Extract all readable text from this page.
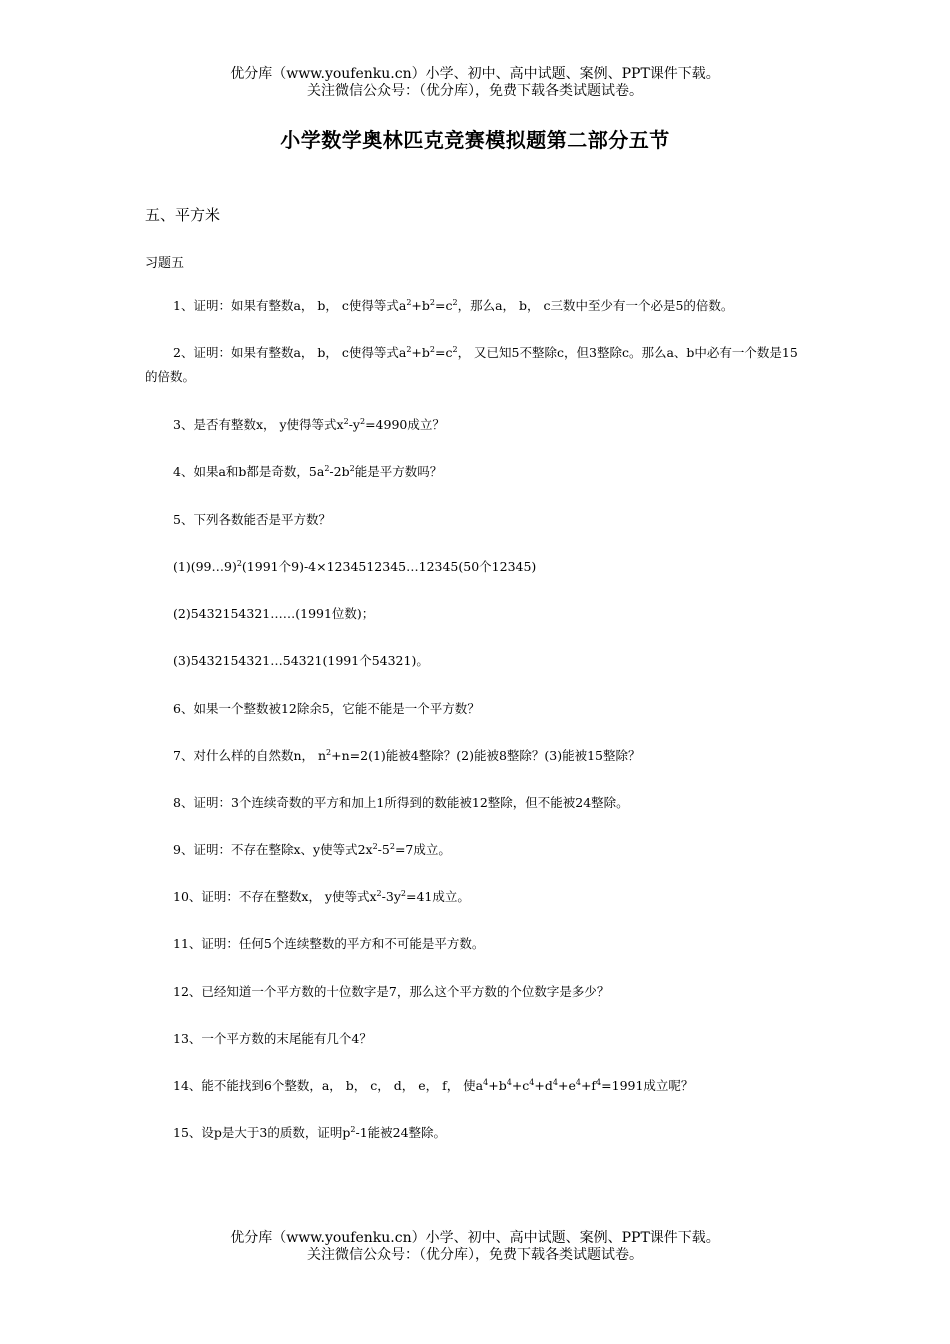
优分库（www.youfenku.cn）小学、初中、高中试题、案例、PPT课件下载。
关注微信公众号：（优分库），免费下载各类试题试卷。
小学数学奥林匹克竞赛模拟题第二部分五节
五、平方米
习题五
1、证明：如果有整数a， b， c使得等式$a^2+b^2=c^2$，那么a， b， c三数中至少有一个必是5的倍数。
2、证明：如果有整数a， b， c使得等式$a^2+b^2=c^2$， 又已知5不整除c，但3整除c。那么a、b中必有一个数是15的倍数。
3、是否有整数x， y使得等式$x^2-y^2=4990$成立？
4、如果a和b都是奇数，$5a^2-2b^2$能是平方数吗？
5、下列各数能否是平方数？
(1)(99…9)$^2$(1991个9)-4×1234512345…12345(50个12345)
(2)5432154321……(1991位数)；
(3)5432154321…54321(1991个54321)。
6、如果一个整数被12除余5，它能不能是一个平方数？
7、对什么样的自然数n， $n^2+n=2(1)$能被4整除？(2)能被8整除？(3)能被15整除？
8、证明：3个连续奇数的平方和加上1所得到的数能被12整除，但不能被24整除。
9、证明：不存在整除x、y使等式$2x^2-5^2=7$成立。
10、证明：不存在整数x， y使等式$x^2-3y^2=41$成立。
11、证明：任何5个连续整数的平方和不可能是平方数。
12、已经知道一个平方数的十位数字是7，那么这个平方数的个位数字是多少？
13、一个平方数的末尾能有几个4？
14、能不能找到6个整数，a， b， c， d， e， f， 使$a^4+b^4+c^4+d^4+e^4+f^4=1991$成立呢？
15、设p是大于3的质数，证明$p^2-1$能被24整除。
优分库（www.youfenku.cn）小学、初中、高中试题、案例、PPT课件下载。
关注微信公众号：（优分库），免费下载各类试题试卷。
